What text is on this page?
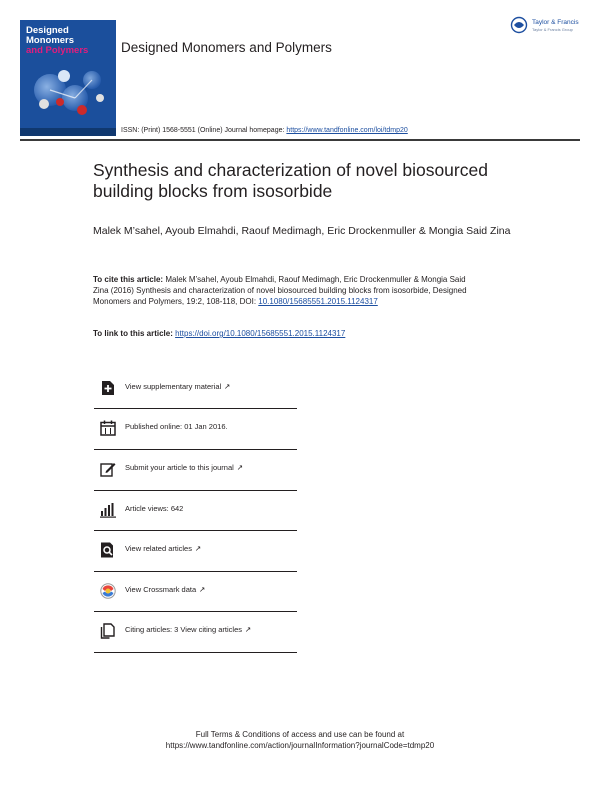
Designed
Monomers
and Polymers Designed Monomers and Polymers
Taylor & Francis
Taylor & Francis Group
ISSN: (Print) 1568-5551 (Online) Journal homepage: https://www.tandfonline.com/loi/tdmp20
Synthesis and characterization of novel biosourced building blocks from isosorbide
Malek M’sahel, Ayoub Elmahdi, Raouf Medimagh, Eric Drockenmuller & Mongia Said Zina
To cite this article: Malek M’sahel, Ayoub Elmahdi, Raouf Medimagh, Eric Drockenmuller & Mongia Said Zina (2016) Synthesis and characterization of novel biosourced building blocks from isosorbide, Designed Monomers and Polymers, 19:2, 108-118, DOI: 10.1080/15685551.2015.1124317
To link to this article: https://doi.org/10.1080/15685551.2015.1124317
View supplementary material ↗
Published online: 01 Jan 2016.
Submit your article to this journal ↗
Article views: 642
View related articles ↗
View Crossmark data ↗
Citing articles: 3 View citing articles ↗
Full Terms & Conditions of access and use can be found at
https://www.tandfonline.com/action/journalInformation?journalCode=tdmp20
